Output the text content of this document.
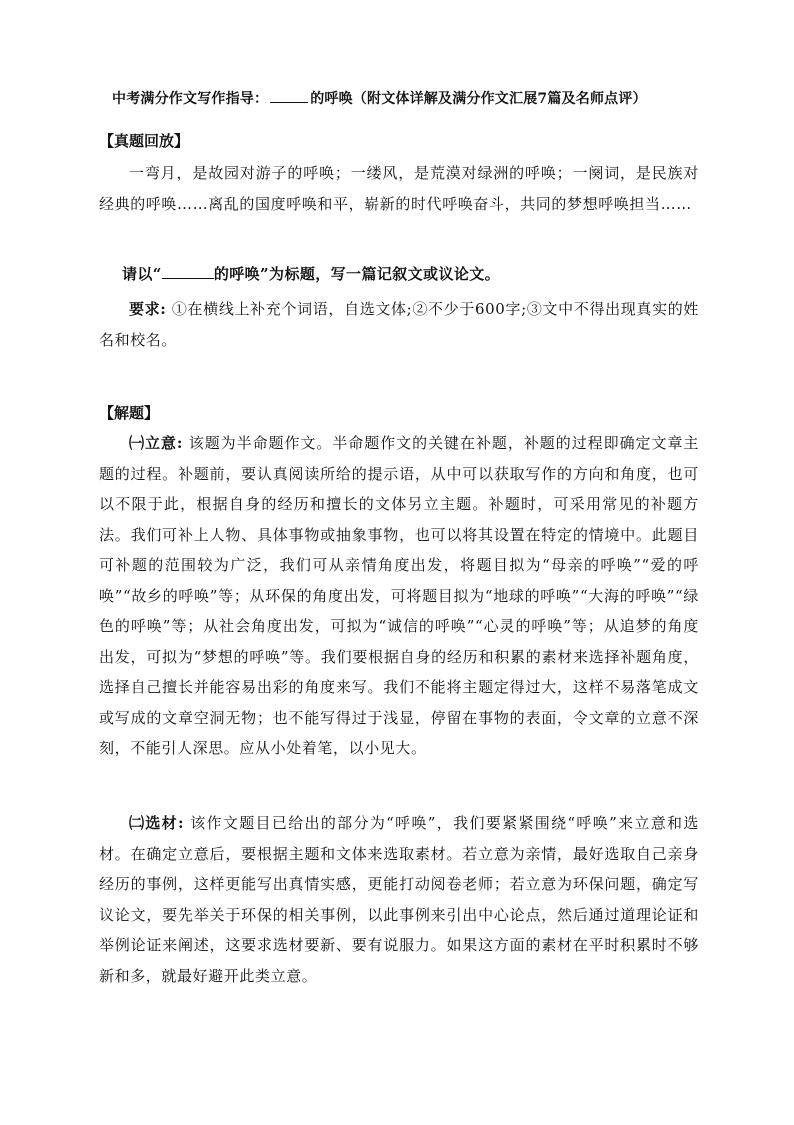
中考满分作文写作指导：	的呼唤（附文体详解及满分作文汇展7篇及名师点评）
【真题回放】
一弯月，是故园对游子的呼唤；一缕风，是荒漠对绿洲的呼唤；一阕词，是民族对经典的呼唤……离乱的国度呼唤和平，崭新的时代呼唤奋斗，共同的梦想呼唤担当……
请以“	的呼唤”为标题，写一篇记叙文或议论文。
要求: ①在横线上补充个词语，自选文体;②不少于600字;③文中不得出现真实的姓名和校名。
【解题】
㈠立意: 该题为半命题作文。半命题作文的关键在补题，补题的过程即确定文章主题的过程。补题前，要认真阅读所给的提示语，从中可以获取写作的方向和角度，也可以不限于此，根据自身的经历和擅长的文体另立主题。补题时，可采用常见的补题方法。我们可补上人物、具体事物或抽象事物，也可以将其设置在特定的情境中。此题目可补题的范围较为广泛，我们可从亲情角度出发，将题目拟为“母亲的呼唤”“爱的呼唤”“故乡的呼唤”等；从环保的角度出发，可将题目拟为“地球的呼唤”“大海的呼唤”“绿色的呼唤”等；从社会角度出发，可拟为“诚信的呼唤”“心灵的呼唤”等；从追梦的角度出发，可拟为“梦想的呼唤”等。我们要根据自身的经历和积累的素材来选择补题角度，选择自己擅长并能容易出彩的角度来写。我们不能将主题定得过大，这样不易落笔成文或写成的文章空洞无物；也不能写得过于浅显，停留在事物的表面，令文章的立意不深刻，不能引人深思。应从小处着笔，以小见大。
㈡选材: 该作文题目已给出的部分为“呼唤”，我们要紧紧围绕“呼唤”来立意和选材。在确定立意后，要根据主题和文体来选取素材。若立意为亲情，最好选取自己亲身经历的事例，这样更能写出真情实感，更能打动阅卷老师；若立意为环保问题，确定写议论文，要先举关于环保的相关事例，以此事例来引出中心论点，然后通过道理论证和举例论证来阐述，这要求选材要新、要有说服力。如果这方面的素材在平时积累时不够新和多，就最好避开此类立意。
